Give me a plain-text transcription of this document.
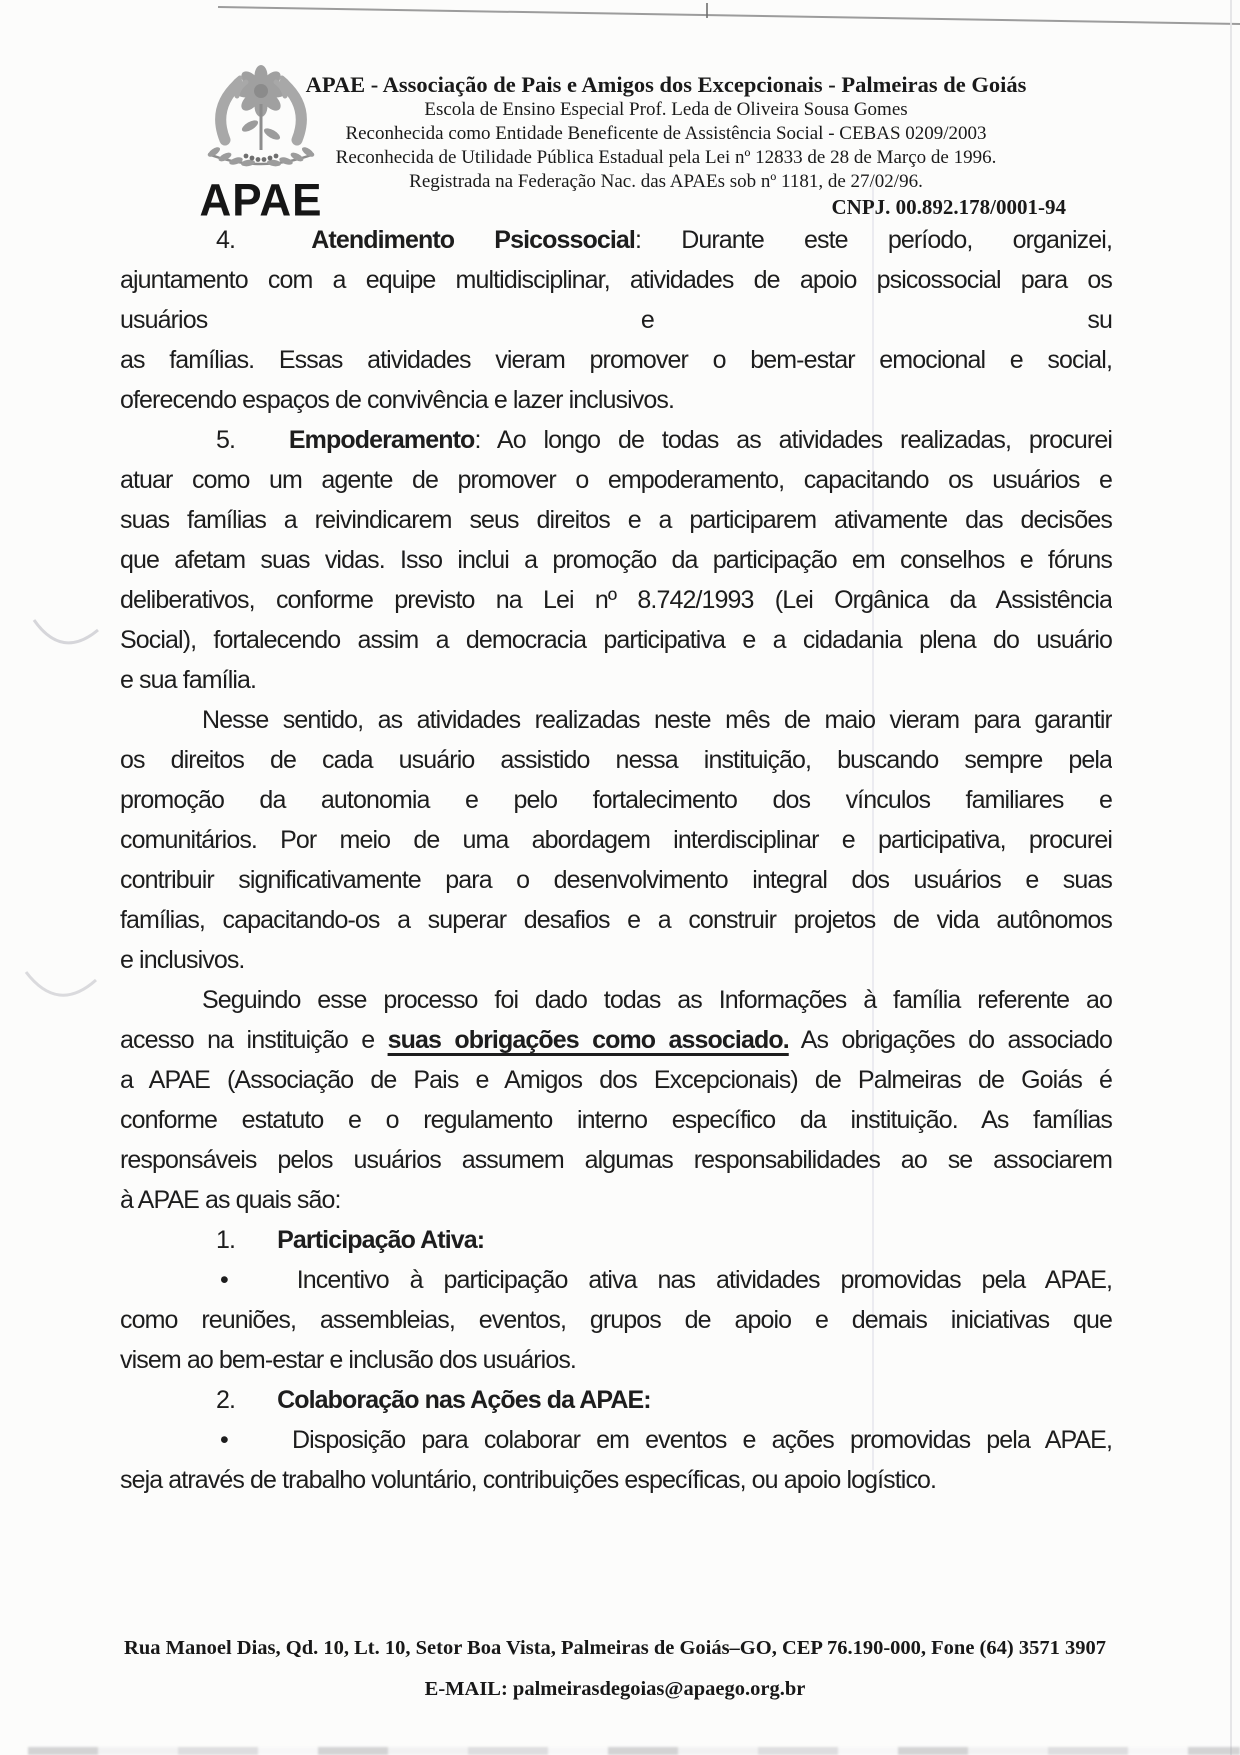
APAE
APAE - Associação de Pais e Amigos dos Excepcionais - Palmeiras de Goiás
Escola de Ensino Especial Prof. Leda de Oliveira Sousa Gomes
Reconhecida como Entidade Beneficente de Assistência Social - CEBAS 0209/2003
Reconhecida de Utilidade Pública Estadual pela Lei nº 12833 de 28 de Março de 1996.
Registrada na Federação Nac. das APAEs sob nº 1181, de 27/02/96.
CNPJ. 00.892.178/0001-94
4.	Atendimento Psicossocial: Durante este período, organizei,
ajuntamento com a equipe multidisciplinar, atividades de apoio psicossocial para os
usuários	e	su
as famílias. Essas atividades vieram promover o bem-estar emocional e social,
oferecendo espaços de convivência e lazer inclusivos.
5. Empoderamento: Ao longo de todas as atividades realizadas, procurei
atuar como um agente de promover o empoderamento, capacitando os usuários e
suas famílias a reivindicarem seus direitos e a participarem ativamente das decisões
que afetam suas vidas. Isso inclui a promoção da participação em conselhos e fóruns
deliberativos, conforme previsto na Lei nº 8.742/1993 (Lei Orgânica da Assistência
Social), fortalecendo assim a democracia participativa e a cidadania plena do usuário
e sua família.
Nesse sentido, as atividades realizadas neste mês de maio vieram para garantir
os direitos de cada usuário assistido nessa instituição, buscando sempre pela
promoção da autonomia e pelo fortalecimento dos vínculos familiares e
comunitários. Por meio de uma abordagem interdisciplinar e participativa, procurei
contribuir significativamente para o desenvolvimento integral dos usuários e suas
famílias, capacitando-os a superar desafios e a construir projetos de vida autônomos
e inclusivos.
Seguindo esse processo foi dado todas as Informações à família referente ao
acesso na instituição e suas obrigações como associado. As obrigações do associado
a APAE (Associação de Pais e Amigos dos Excepcionais) de Palmeiras de Goiás é
conforme estatuto e o regulamento interno específico da instituição. As famílias
responsáveis pelos usuários assumem algumas responsabilidades ao se associarem
à APAE as quais são:
1. Participação Ativa:
•	Incentivo à participação ativa nas atividades promovidas pela APAE,
como reuniões, assembleias, eventos, grupos de apoio e demais iniciativas que
visem ao bem-estar e inclusão dos usuários.
2. Colaboração nas Ações da APAE:
•	Disposição para colaborar em eventos e ações promovidas pela APAE,
seja através de trabalho voluntário, contribuições específicas, ou apoio logístico.
Rua Manoel Dias, Qd. 10, Lt. 10, Setor Boa Vista, Palmeiras de Goiás–GO, CEP 76.190-000, Fone (64) 3571 3907
E-MAIL: palmeirasdegoias@apaego.org.br
